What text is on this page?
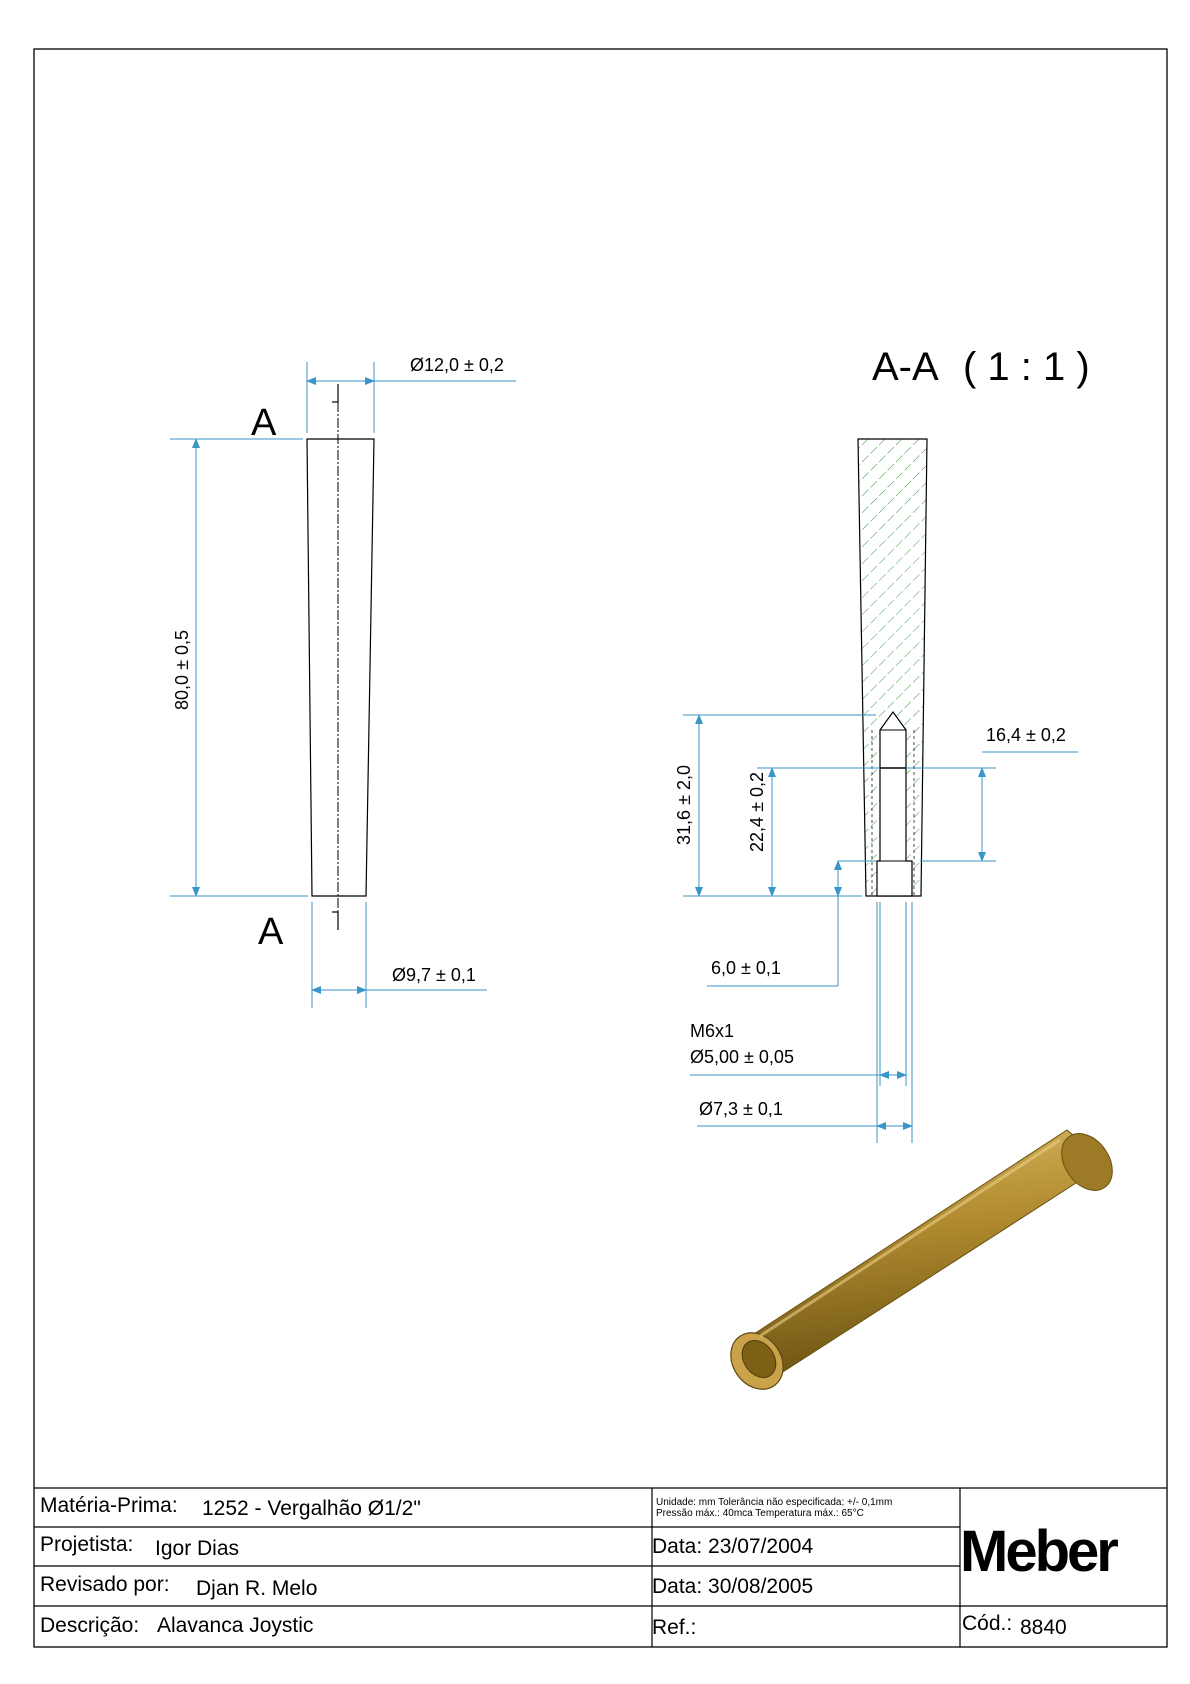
A
A
Ø12,0 ± 0,2
80,0 ± 0,5
Ø9,7 ± 0,1
A-A ( 1 : 1 )
31,6 ± 2,0	22,4 ± 0,2
16,4 ± 0,2
6,0 ± 0,1
M6x1
Ø5,00 ± 0,05
Ø7,3 ± 0,1
Matéria-Prima: 1252 - Vergalhão Ø1/2"
Projetista: Igor Dias
Revisado por: Djan R. Melo
Descrição: Alavanca Joystic
Unidade: mm Tolerância não especificada: +/- 0,1mm
Pressão máx.: 40mca Temperatura máx.: 65°C
Data: 23/07/2004
Data: 30/08/2005
Ref.:
Meber
Cód.: 8840
